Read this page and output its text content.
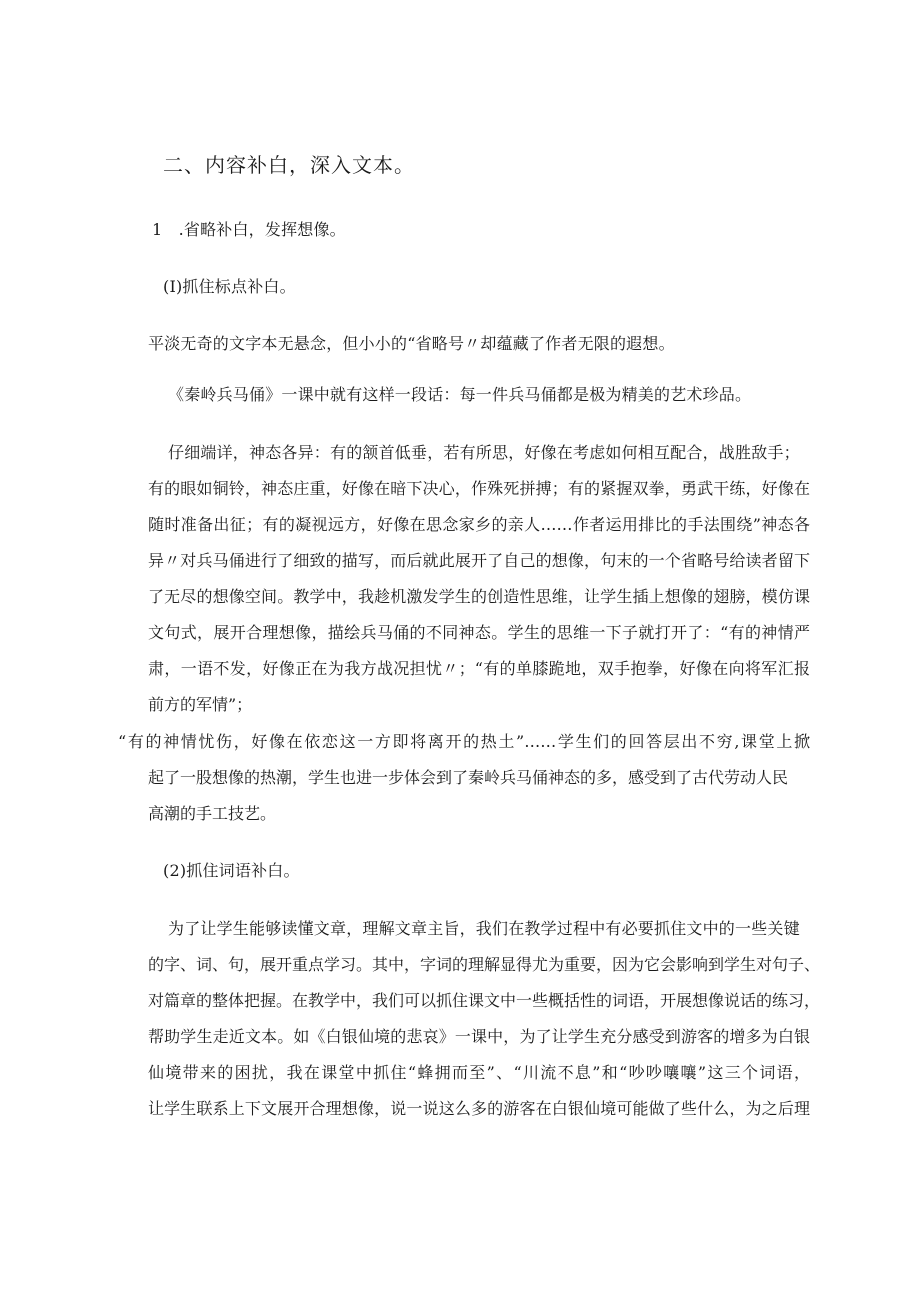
二、内容补白，深入文本。
1　.省略补白，发挥想像。
(I)抓住标点补白。
平淡无奇的文字本无悬念，但小小的“省略号〃却蕴藏了作者无限的遐想。
《秦岭兵马俑》一课中就有这样一段话：每一件兵马俑都是极为精美的艺术珍品。
仔细端详，神态各异：有的颔首低垂，若有所思，好像在考虑如何相互配合，战胜敌手；
有的眼如铜铃，神态庄重，好像在暗下决心，作殊死拼搏；有的紧握双拳，勇武干练，好像在
随时准备出征；有的凝视远方，好像在思念家乡的亲人……作者运用排比的手法围绕”神态各
异〃对兵马俑进行了细致的描写，而后就此展开了自己的想像，句末的一个省略号给读者留下
了无尽的想像空间。教学中，我趁机激发学生的创造性思维，让学生插上想像的翅膀，模仿课
文句式，展开合理想像，描绘兵马俑的不同神态。学生的思维一下子就打开了：“有的神情严
肃，一语不发，好像正在为我方战况担忧〃；“有的单膝跪地，双手抱拳，好像在向将军汇报
前方的军情”；
“有的神情忧伤，好像在依恋这一方即将离开的热土”……学生们的回答层出不穷,课堂上掀
起了一股想像的热潮，学生也进一步体会到了秦岭兵马俑神态的多，感受到了古代劳动人民
高潮的手工技艺。
(2)抓住词语补白。
为了让学生能够读懂文章，理解文章主旨，我们在教学过程中有必要抓住文中的一些关键
的字、词、句，展开重点学习。其中，字词的理解显得尤为重要，因为它会影响到学生对句子、
对篇章的整体把握。在教学中，我们可以抓住课文中一些概括性的词语，开展想像说话的练习，
帮助学生走近文本。如《白银仙境的悲哀》一课中，为了让学生充分感受到游客的增多为白银
仙境带来的困扰，我在课堂中抓住“蜂拥而至”、“川流不息”和“吵吵嚷嚷”这三个词语，
让学生联系上下文展开合理想像，说一说这么多的游客在白银仙境可能做了些什么，为之后理
